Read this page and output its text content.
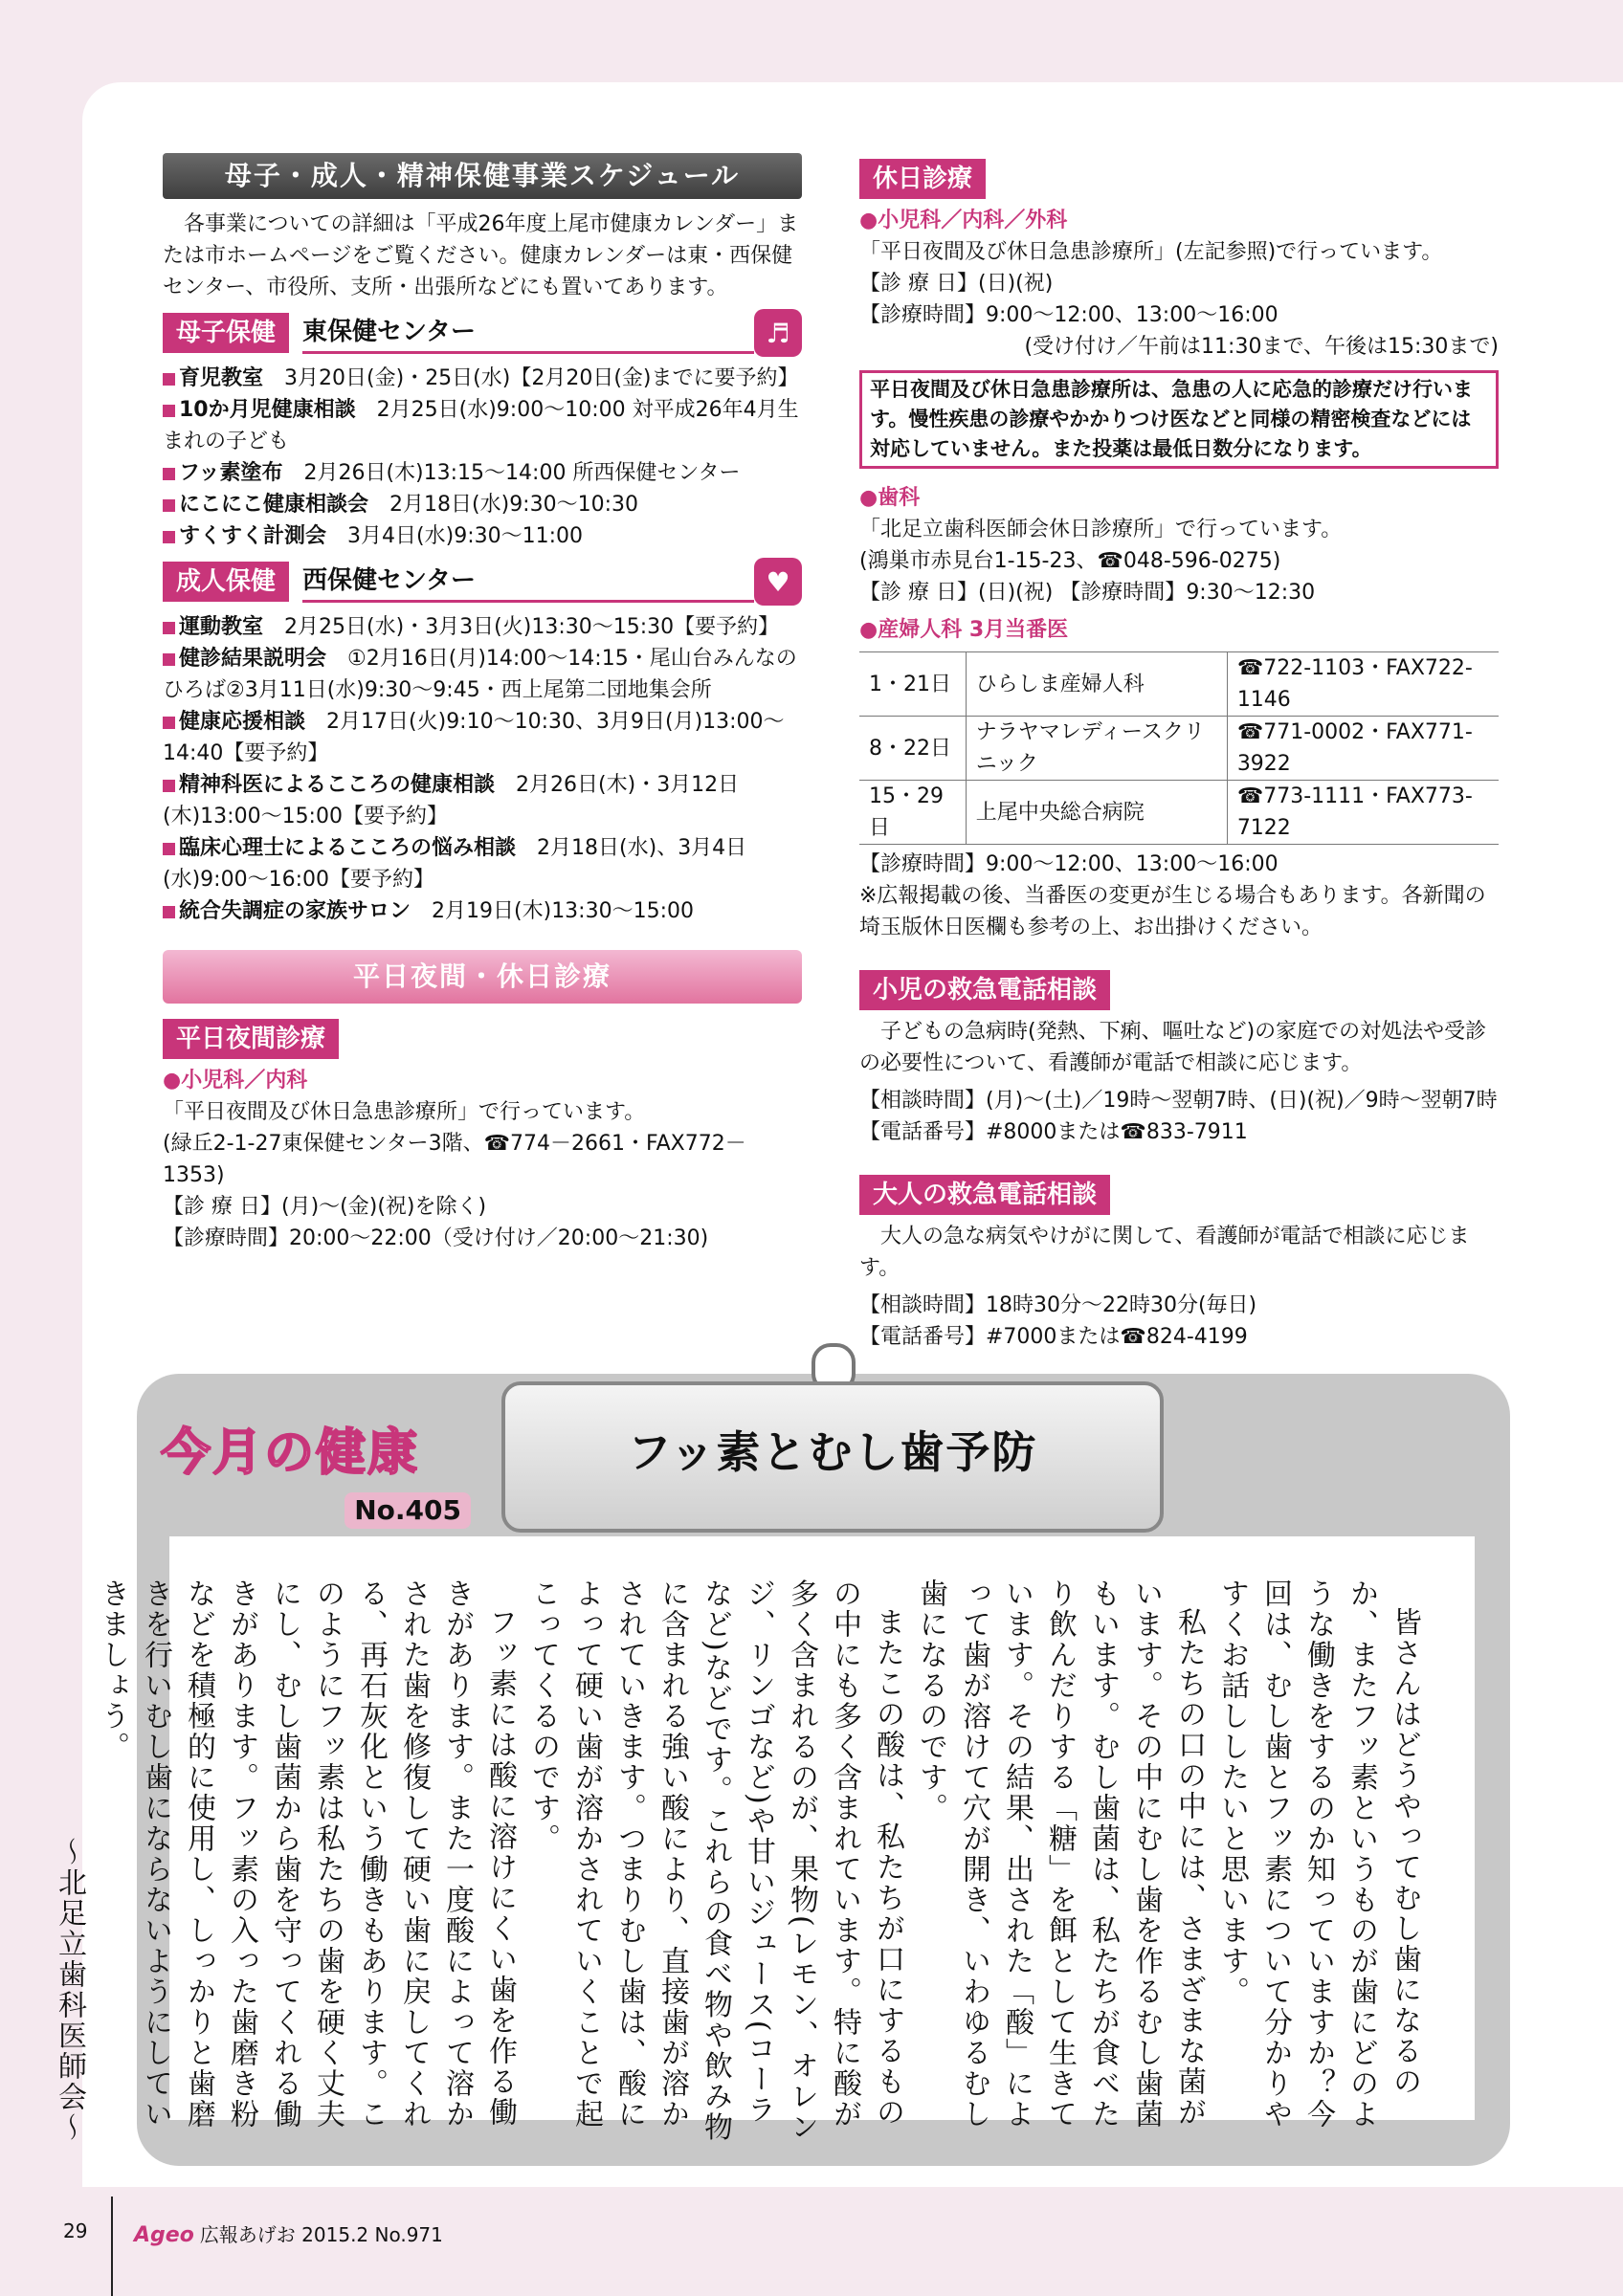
母子・成人・精神保健事業スケジュール
各事業についての詳細は「平成26年度上尾市健康カレンダー」または市ホームページをご覧ください。健康カレンダーは東・西保健センター、市役所、支所・出張所などにも置いてあります。
母子保健	東保健センター	♬
育児教室　 3月20日(金)・25日(水)【2月20日(金)までに要予約】
10か月児健康相談　 2月25日(水)9:00～10:00 対平成26年4月生まれの子ども
フッ素塗布　 2月26日(木)13:15～14:00 所西保健センター
にこにこ健康相談会　 2月18日(水)9:30～10:30
すくすく計測会　 3月4日(水)9:30～11:00
成人保健	西保健センター	♥
運動教室　 2月25日(水)・3月3日(火)13:30～15:30【要予約】
健診結果説明会　 ①2月16日(月)14:00～14:15・尾山台みんなのひろば②3月11日(水)9:30～9:45・西上尾第二団地集会所
健康応援相談　 2月17日(火)9:10～10:30、3月9日(月)13:00～14:40【要予約】
精神科医によるこころの健康相談　 2月26日(木)・3月12日(木)13:00～15:00【要予約】
臨床心理士によるこころの悩み相談　 2月18日(水)、3月4日(水)9:00～16:00【要予約】
統合失調症の家族サロン　 2月19日(木)13:30～15:00
平日夜間・休日診療
平日夜間診療
●小児科／内科
「平日夜間及び休日急患診療所」で行っています。
(緑丘2-1-27東保健センター3階、☎774－2661・FAX772－1353)
【診 療 日】(月)～(金)(祝)を除く)
【診療時間】20:00～22:00（受け付け／20:00～21:30)
休日診療
●小児科／内科／外科
「平日夜間及び休日急患診療所」(左記参照)で行っています。
【診 療 日】(日)(祝)
【診療時間】9:00～12:00、13:00～16:00
(受け付け／午前は11:30まで、午後は15:30まで)
平日夜間及び休日急患診療所は、急患の人に応急的診療だけ行います。慢性疾患の診療やかかりつけ医などと同様の精密検査などには対応していません。また投薬は最低日数分になります。
●歯科
「北足立歯科医師会休日診療所」で行っています。
(鴻巣市赤見台1-15-23、☎048-596-0275)
【診 療 日】(日)(祝) 【診療時間】9:30～12:30
●産婦人科 3月当番医
1・21日	ひらしま産婦人科	☎722-1103・FAX722-1146
8・22日	ナラヤマレディースクリニック	☎771-0002・FAX771-3922
15・29日	上尾中央総合病院	☎773-1111・FAX773-7122
【診療時間】9:00～12:00、13:00～16:00
※広報掲載の後、当番医の変更が生じる場合もあります。各新聞の埼玉版休日医欄も参考の上、お出掛けください。
小児の救急電話相談
子どもの急病時(発熱、下痢、嘔吐など)の家庭での対処法や受診の必要性について、看護師が電話で相談に応じます。
【相談時間】(月)～(土)／19時～翌朝7時、(日)(祝)／9時～翌朝7時
【電話番号】#8000または☎833-7911
大人の救急電話相談
大人の急な病気やけがに関して、看護師が電話で相談に応じます。
【相談時間】18時30分～22時30分(毎日)
【電話番号】#7000または☎824-4199
フッ素とむし歯予防
今月の健康
No.405

皆さんはどうやってむし歯になるのか、またフッ素というものが歯にどのような働きをするのか知っていますか？今回は、むし歯とフッ素について分かりやすくお話ししたいと思います。

私たちの口の中には、さまざまな菌がいます。その中にむし歯を作るむし歯菌もいます。むし歯菌は、私たちが食べたり飲んだりする「糖」を餌として生きています。その結果、出された「酸」によって歯が溶けて穴が開き、いわゆるむし歯になるのです。

またこの酸は、私たちが口にするものの中にも多く含まれています。特に酸が多く含まれるのが、果物(レモン、オレンジ、リンゴなど)や甘いジュース(コーラなど)などです。これらの食べ物や飲み物に含まれる強い酸により、直接歯が溶かされていきます。つまりむし歯は、酸によって硬い歯が溶かされていくことで起こってくるのです。

フッ素には酸に溶けにくい歯を作る働きがあります。また一度酸によって溶かされた歯を修復して硬い歯に戻してくれる、再石灰化という働きもあります。このようにフッ素は私たちの歯を硬く丈夫にし、むし歯菌から歯を守ってくれる働きがあります。フッ素の入った歯磨き粉などを積極的に使用し、しっかりと歯磨きを行いむし歯にならないようにしていきましょう。

～北足立歯科医師会～

29 Ageo 広報あげお 2015.2 No.971
